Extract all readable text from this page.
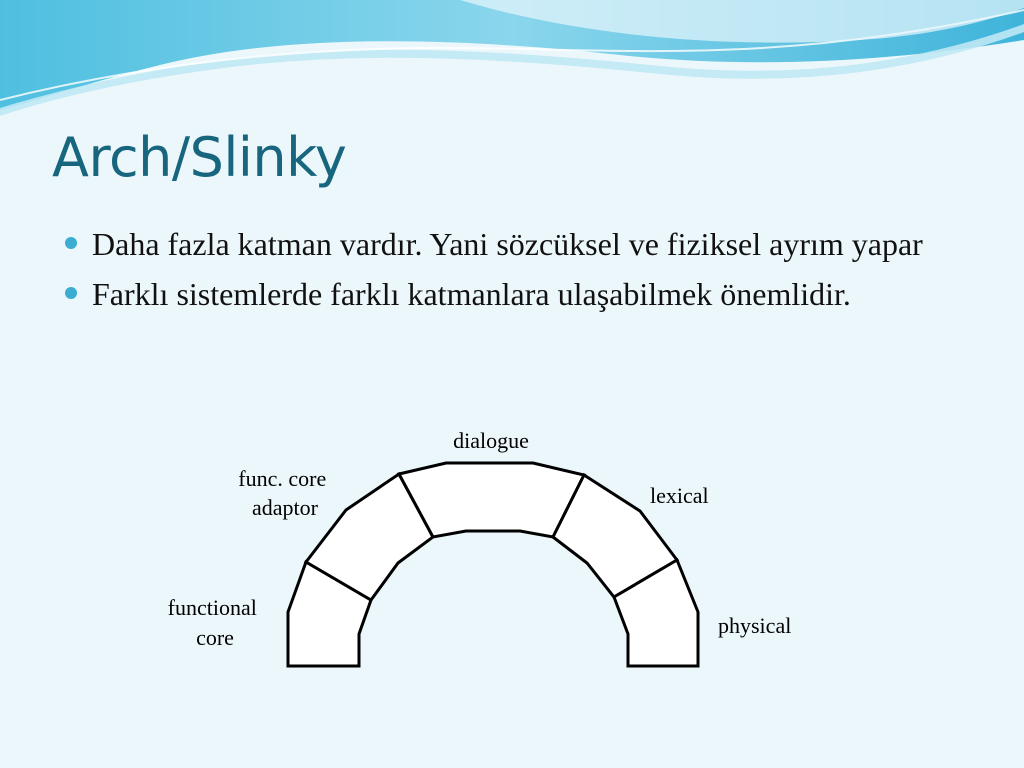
Arch/Slinky
Daha fazla katman vardır. Yani sözcüksel ve fiziksel ayrım yapar
Farklı sistemlerde farklı katmanlara ulaşabilmek önemlidir.
dialogue
func. core adaptor	lexical
functional core	physical
